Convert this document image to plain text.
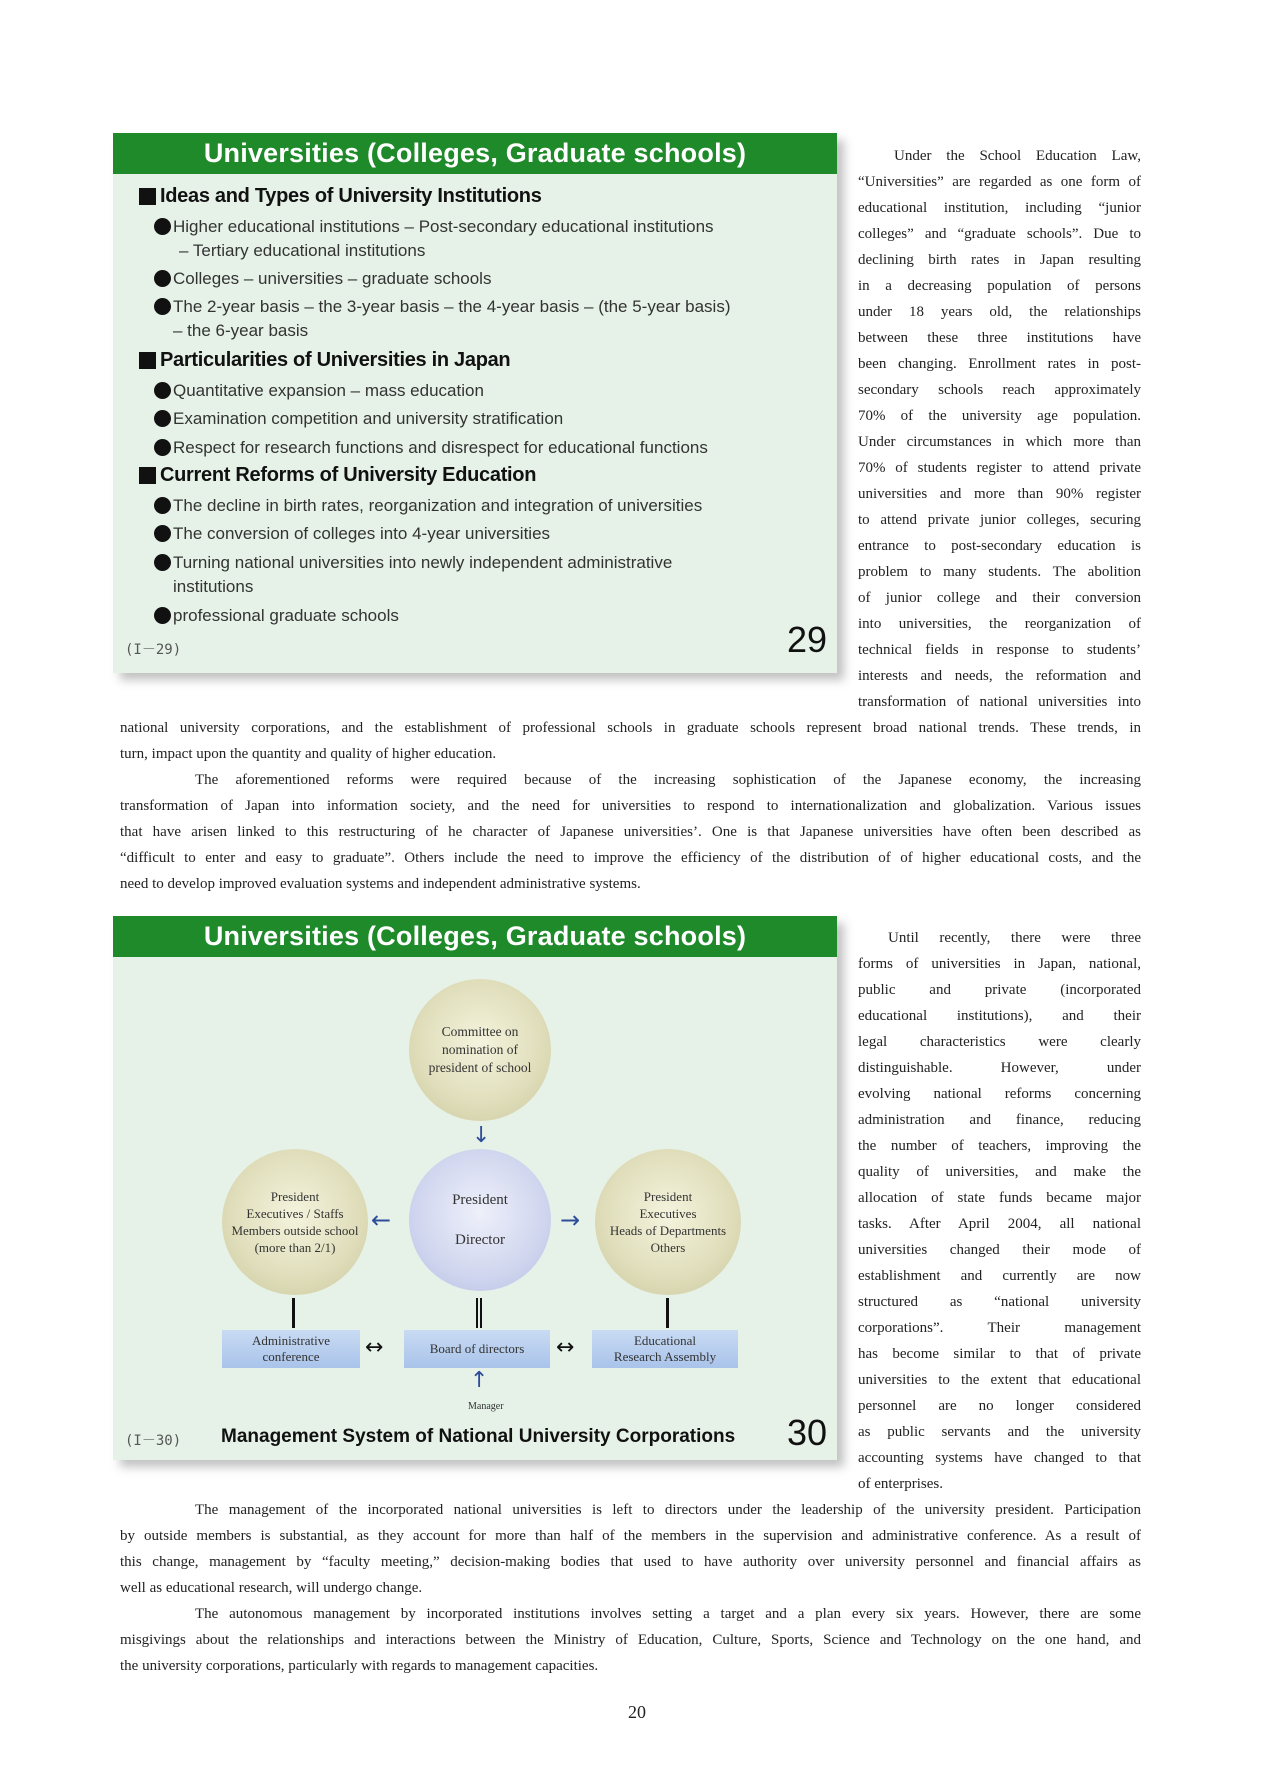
Universities (Colleges, Graduate schools)
Ideas and Types of University Institutions
Higher educational institutions – Post-secondary educational institutions
– Tertiary educational institutions
Colleges – universities – graduate schools
The 2-year basis – the 3-year basis – the 4-year basis – (the 5-year basis)
– the 6-year basis
Particularities of Universities in Japan
Quantitative expansion – mass education
Examination competition and university stratification
Respect for research functions and disrespect for educational functions
Current Reforms of University Education
The decline in birth rates, reorganization and integration of universities
The conversion of colleges into 4-year universities
Turning national universities into newly independent administrative
institutions
professional graduate schools
(I－29)	29

Under the School Education Law,

“Universities” are regarded as one form of

educational institution, including “junior

colleges” and “graduate schools”. Due to

declining birth rates in Japan resulting

in a decreasing population of persons

under 18 years old, the relationships

between these three institutions have

been changing. Enrollment rates in post-

secondary schools reach approximately

70% of the university age population.

Under circumstances in which more than

70% of students register to attend private

universities and more than 90% register

to attend private junior colleges, securing

entrance to post-secondary education is

problem to many students. The abolition

of junior college and their conversion

into universities, the reorganization of

technical fields in response to students’

interests and needs, the reformation and

transformation of national universities into

national university corporations, and the establishment of professional schools in graduate schools represent broad national trends. These trends, in

turn, impact upon the quantity and quality of higher education.

The aforementioned reforms were required because of the increasing sophistication of the Japanese economy, the increasing

transformation of Japan into information society, and the need for universities to respond to internationalization and globalization. Various issues

that have arisen linked to this restructuring of he character of Japanese universities’. One is that Japanese universities have often been described as

“difficult to enter and easy to graduate”. Others include the need to improve the efficiency of the distribution of of higher educational costs, and the

need to develop improved evaluation systems and independent administrative systems.

Universities (Colleges, Graduate schools)
Committee on
nomination of
president of school
↓
President
Executives / Staffs
Members outside school
(more than 2/1)
←
President
Director
→
President
Executives
Heads of Departments
Others
Administrative
conference ↔	Board of directors ↔	Educational
Research Assembly
↑
Manager
(I－30) Management System of National University Corporations 30

Until recently, there were three

forms of universities in Japan, national,

public and private (incorporated

educational institutions), and their

legal characteristics were clearly

distinguishable. However, under

evolving national reforms concerning

administration and finance, reducing

the number of teachers, improving the

quality of universities, and make the

allocation of state funds became major

tasks. After April 2004, all national

universities changed their mode of

establishment and currently are now

structured as “national university

corporations”. Their management

has become similar to that of private

universities to the extent that educational

personnel are no longer considered

as public servants and the university

accounting systems have changed to that

of enterprises.

The management of the incorporated national universities is left to directors under the leadership of the university president. Participation

by outside members is substantial, as they account for more than half of the members in the supervision and administrative conference. As a result of

this change, management by “faculty meeting,” decision-making bodies that used to have authority over university personnel and financial affairs as

well as educational research, will undergo change.

The autonomous management by incorporated institutions involves setting a target and a plan every six years. However, there are some

misgivings about the relationships and interactions between the Ministry of Education, Culture, Sports, Science and Technology on the one hand, and

the university corporations, particularly with regards to management capacities.

20
